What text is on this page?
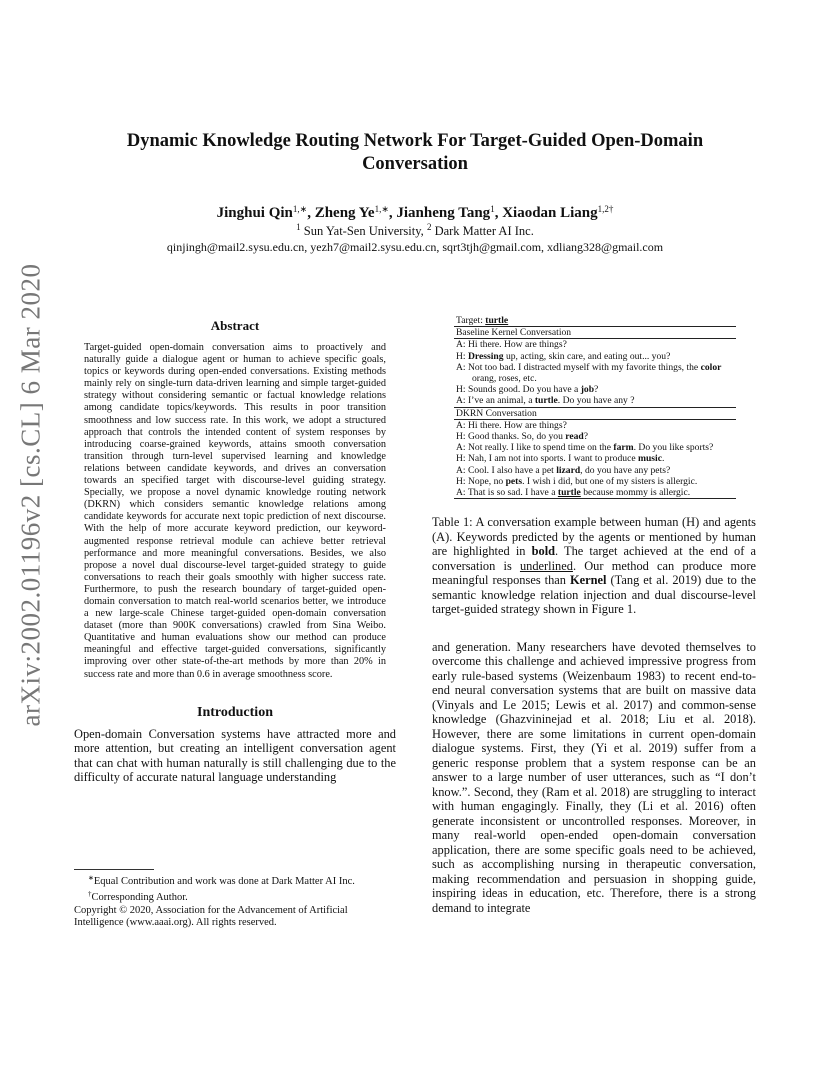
arXiv:2002.01196v2 [cs.CL] 6 Mar 2020
Dynamic Knowledge Routing Network For Target-Guided Open-Domain
Conversation
Jinghui Qin$^{1,∗}$, Zheng $Ye^{1,∗}$, Jianheng Tang$^1$, Xiaodan Liang$^{1,2\dagger}$
$^1$ Sun Yat-Sen University, $^2$ Dark Matter AI Inc.
qinjingh@mail2.sysu.edu.cn, yezh7@mail2.sysu.edu.cn, sqrt3tjh@gmail.com, xdliang328@gmail.com
Abstract
Target-guided open-domain conversation aims to proactively and naturally guide a dialogue agent or human to achieve specific goals, topics or keywords during open-ended conversations. Existing methods mainly rely on single-turn data-driven learning and simple target-guided strategy without considering semantic or factual knowledge relations among candidate topics/keywords. This results in poor transition smoothness and low success rate. In this work, we adopt a structured approach that controls the intended content of system responses by introducing coarse-grained keywords, attains smooth conversation transition through turn-level supervised learning and knowledge relations between candidate keywords, and drives an conversation towards an specified target with discourse-level guiding strategy. Specially, we propose a novel dynamic knowledge routing network (DKRN) which considers semantic knowledge relations among candidate keywords for accurate next topic prediction of next discourse. With the help of more accurate keyword prediction, our keyword-augmented response retrieval module can achieve better retrieval performance and more meaningful conversations. Besides, we also propose a novel dual discourse-level target-guided strategy to guide conversations to reach their goals smoothly with higher success rate. Furthermore, to push the research boundary of target-guided open-domain conversation to match real-world scenarios better, we introduce a new large-scale Chinese target-guided open-domain conversation dataset (more than 900K conversations) crawled from Sina Weibo. Quantitative and human evaluations show our method can produce meaningful and effective target-guided conversations, significantly improving over other state-of-the-art methods by more than 20% in success rate and more than 0.6 in average smoothness score.
Introduction
Open-domain Conversation systems have attracted more and more attention, but creating an intelligent conversation agent that can chat with human naturally is still challenging due to the difficulty of accurate natural language understanding
∗Equal Contribution and work was done at Dark Matter AI Inc.
†Corresponding Author.
Copyright © 2020, Association for the Advancement of Artificial Intelligence (www.aaai.org). All rights reserved.
Target: turtle
Baseline Kernel Conversation
A: Hi there. How are things?
H: Dressing up, acting, skin care, and eating out... you?
A: Not too bad. I distracted myself with my favorite things, the color orang, roses, etc.
H: Sounds good. Do you have a job?
A: I’ve an animal, a turtle. Do you have any ?
DKRN Conversation
A: Hi there. How are things?
H: Good thanks. So, do you read?
A: Not really. I like to spend time on the farm. Do you like sports?
H: Nah, I am not into sports. I want to produce music.
A: Cool. I also have a pet lizard, do you have any pets?
H: Nope, no pets. I wish i did, but one of my sisters is allergic.
A: That is so sad. I have a turtle because mommy is allergic.
Table 1: A conversation example between human (H) and agents (A). Keywords predicted by the agents or mentioned by human are highlighted in bold. The target achieved at the end of a conversation is underlined. Our method can produce more meaningful responses than Kernel (Tang et al. 2019) due to the semantic knowledge relation injection and dual discourse-level target-guided strategy shown in Figure 1.
and generation. Many researchers have devoted themselves to overcome this challenge and achieved impressive progress from early rule-based systems (Weizenbaum 1983) to recent end-to-end neural conversation systems that are built on massive data (Vinyals and Le 2015; Lewis et al. 2017) and common-sense knowledge (Ghazvininejad et al. 2018; Liu et al. 2018). However, there are some limitations in current open-domain dialogue systems. First, they (Yi et al. 2019) suffer from a generic response problem that a system response can be an answer to a large number of user utterances, such as “I don’t know.”. Second, they (Ram et al. 2018) are struggling to interact with human engagingly. Finally, they (Li et al. 2016) often generate inconsistent or uncontrolled responses. Moreover, in many real-world open-ended open-domain conversation application, there are some specific goals need to be achieved, such as accomplishing nursing in therapeutic conversation, making recommendation and persuasion in shopping guide, inspiring ideas in education, etc. Therefore, there is a strong demand to integrate
